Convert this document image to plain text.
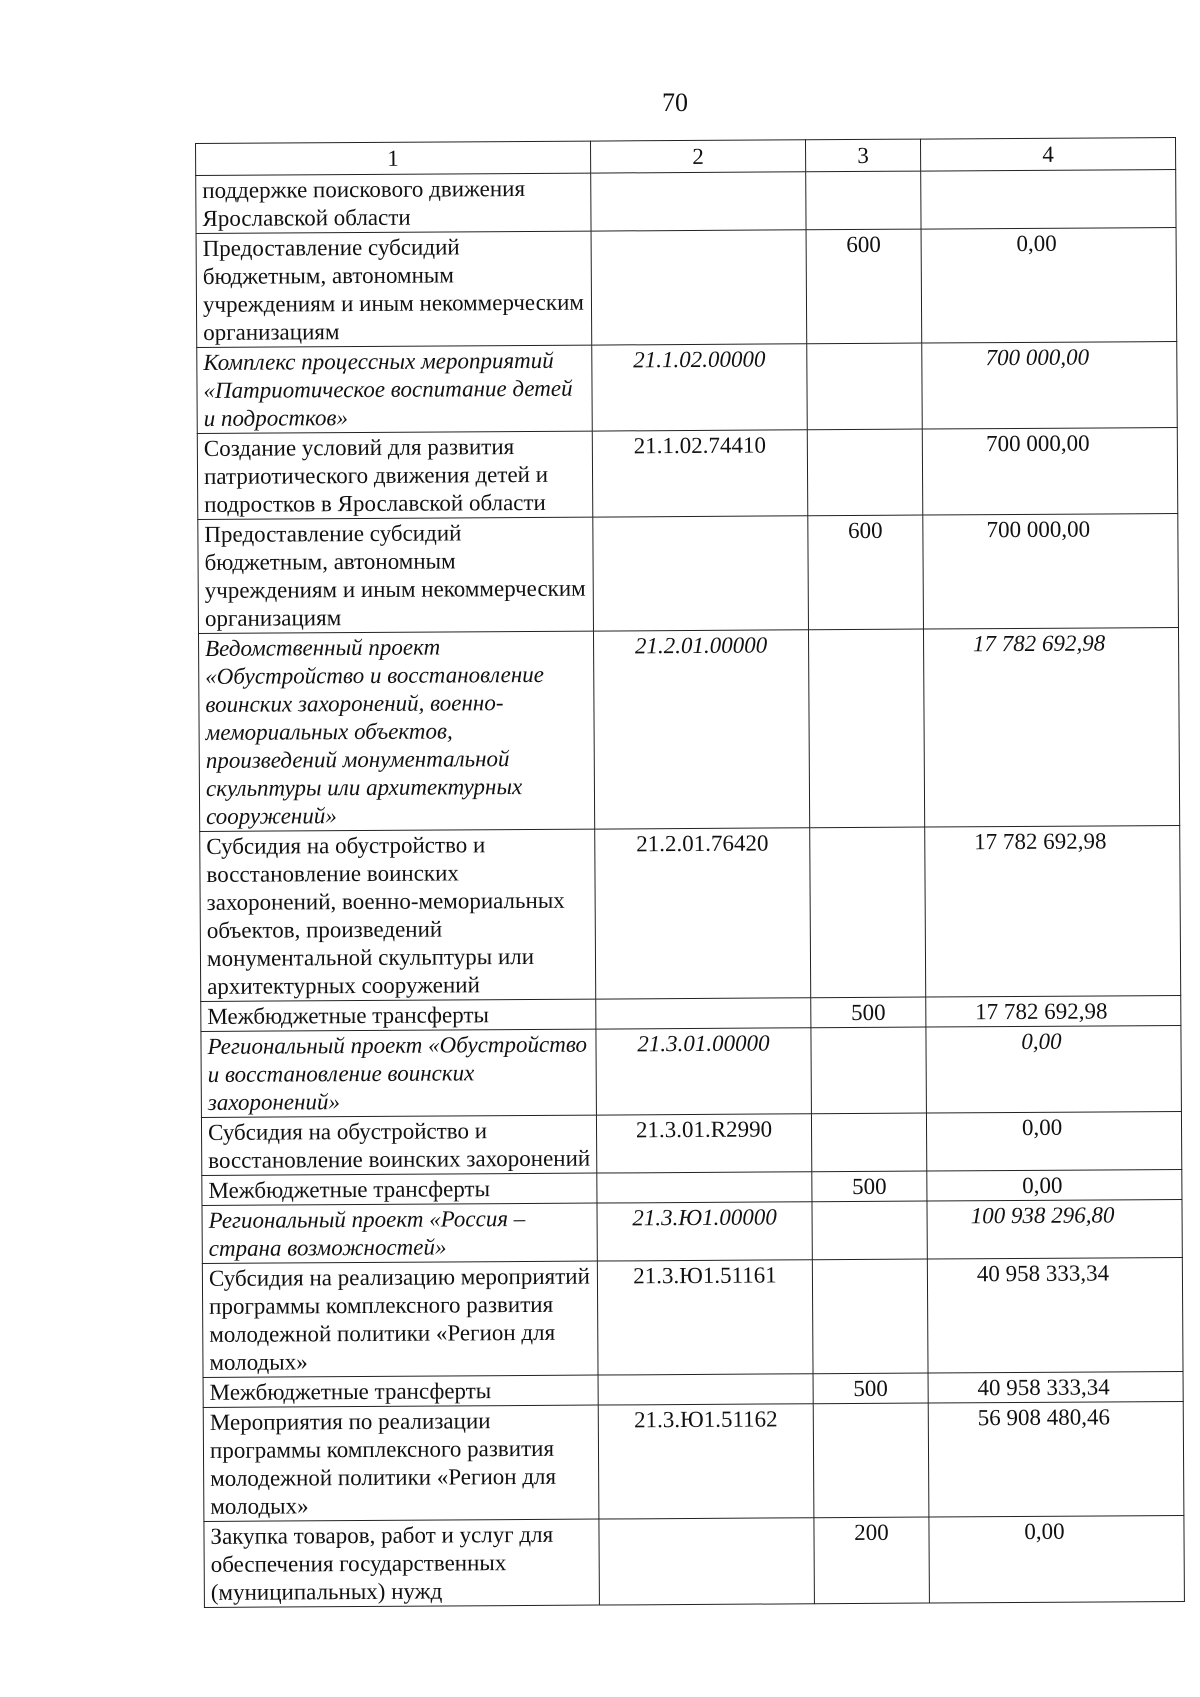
70
1	2	3	4
поддержке поискового движения Ярославской области			
Предоставление субсидий бюджетным, автономным учреждениям и иным некоммерческим организациям		600	0,00
Комплекс процессных мероприятий «Патриотическое воспитание детей и подростков»	21.1.02.00000		700 000,00
Создание условий для развития патриотического движения детей и подростков в Ярославской области	21.1.02.74410		700 000,00
Предоставление субсидий бюджетным, автономным учреждениям и иным некоммерческим организациям		600	700 000,00
Ведомственный проект «Обустройство и восстановление воинских захоронений, военно-мемориальных объектов, произведений монументальной скульптуры или архитектурных сооружений»	21.2.01.00000		17 782 692,98
Субсидия на обустройство и восстановление воинских захоронений, военно-мемориальных объектов, произведений монументальной скульптуры или архитектурных сооружений	21.2.01.76420		17 782 692,98
Межбюджетные трансферты		500	17 782 692,98
Региональный проект «Обустройство и восстановление воинских захоронений»	21.3.01.00000		0,00
Субсидия на обустройство и восстановление воинских захоронений	21.3.01.R2990		0,00
Межбюджетные трансферты		500	0,00
Региональный проект «Россия – страна возможностей»	21.3.Ю1.00000		100 938 296,80
Субсидия на реализацию мероприятий программы комплексного развития молодежной политики «Регион для молодых»	21.3.Ю1.51161		40 958 333,34
Межбюджетные трансферты		500	40 958 333,34
Мероприятия по реализации программы комплексного развития молодежной политики «Регион для молодых»	21.3.Ю1.51162		56 908 480,46
Закупка товаров, работ и услуг для обеспечения государственных (муниципальных) нужд		200	0,00
